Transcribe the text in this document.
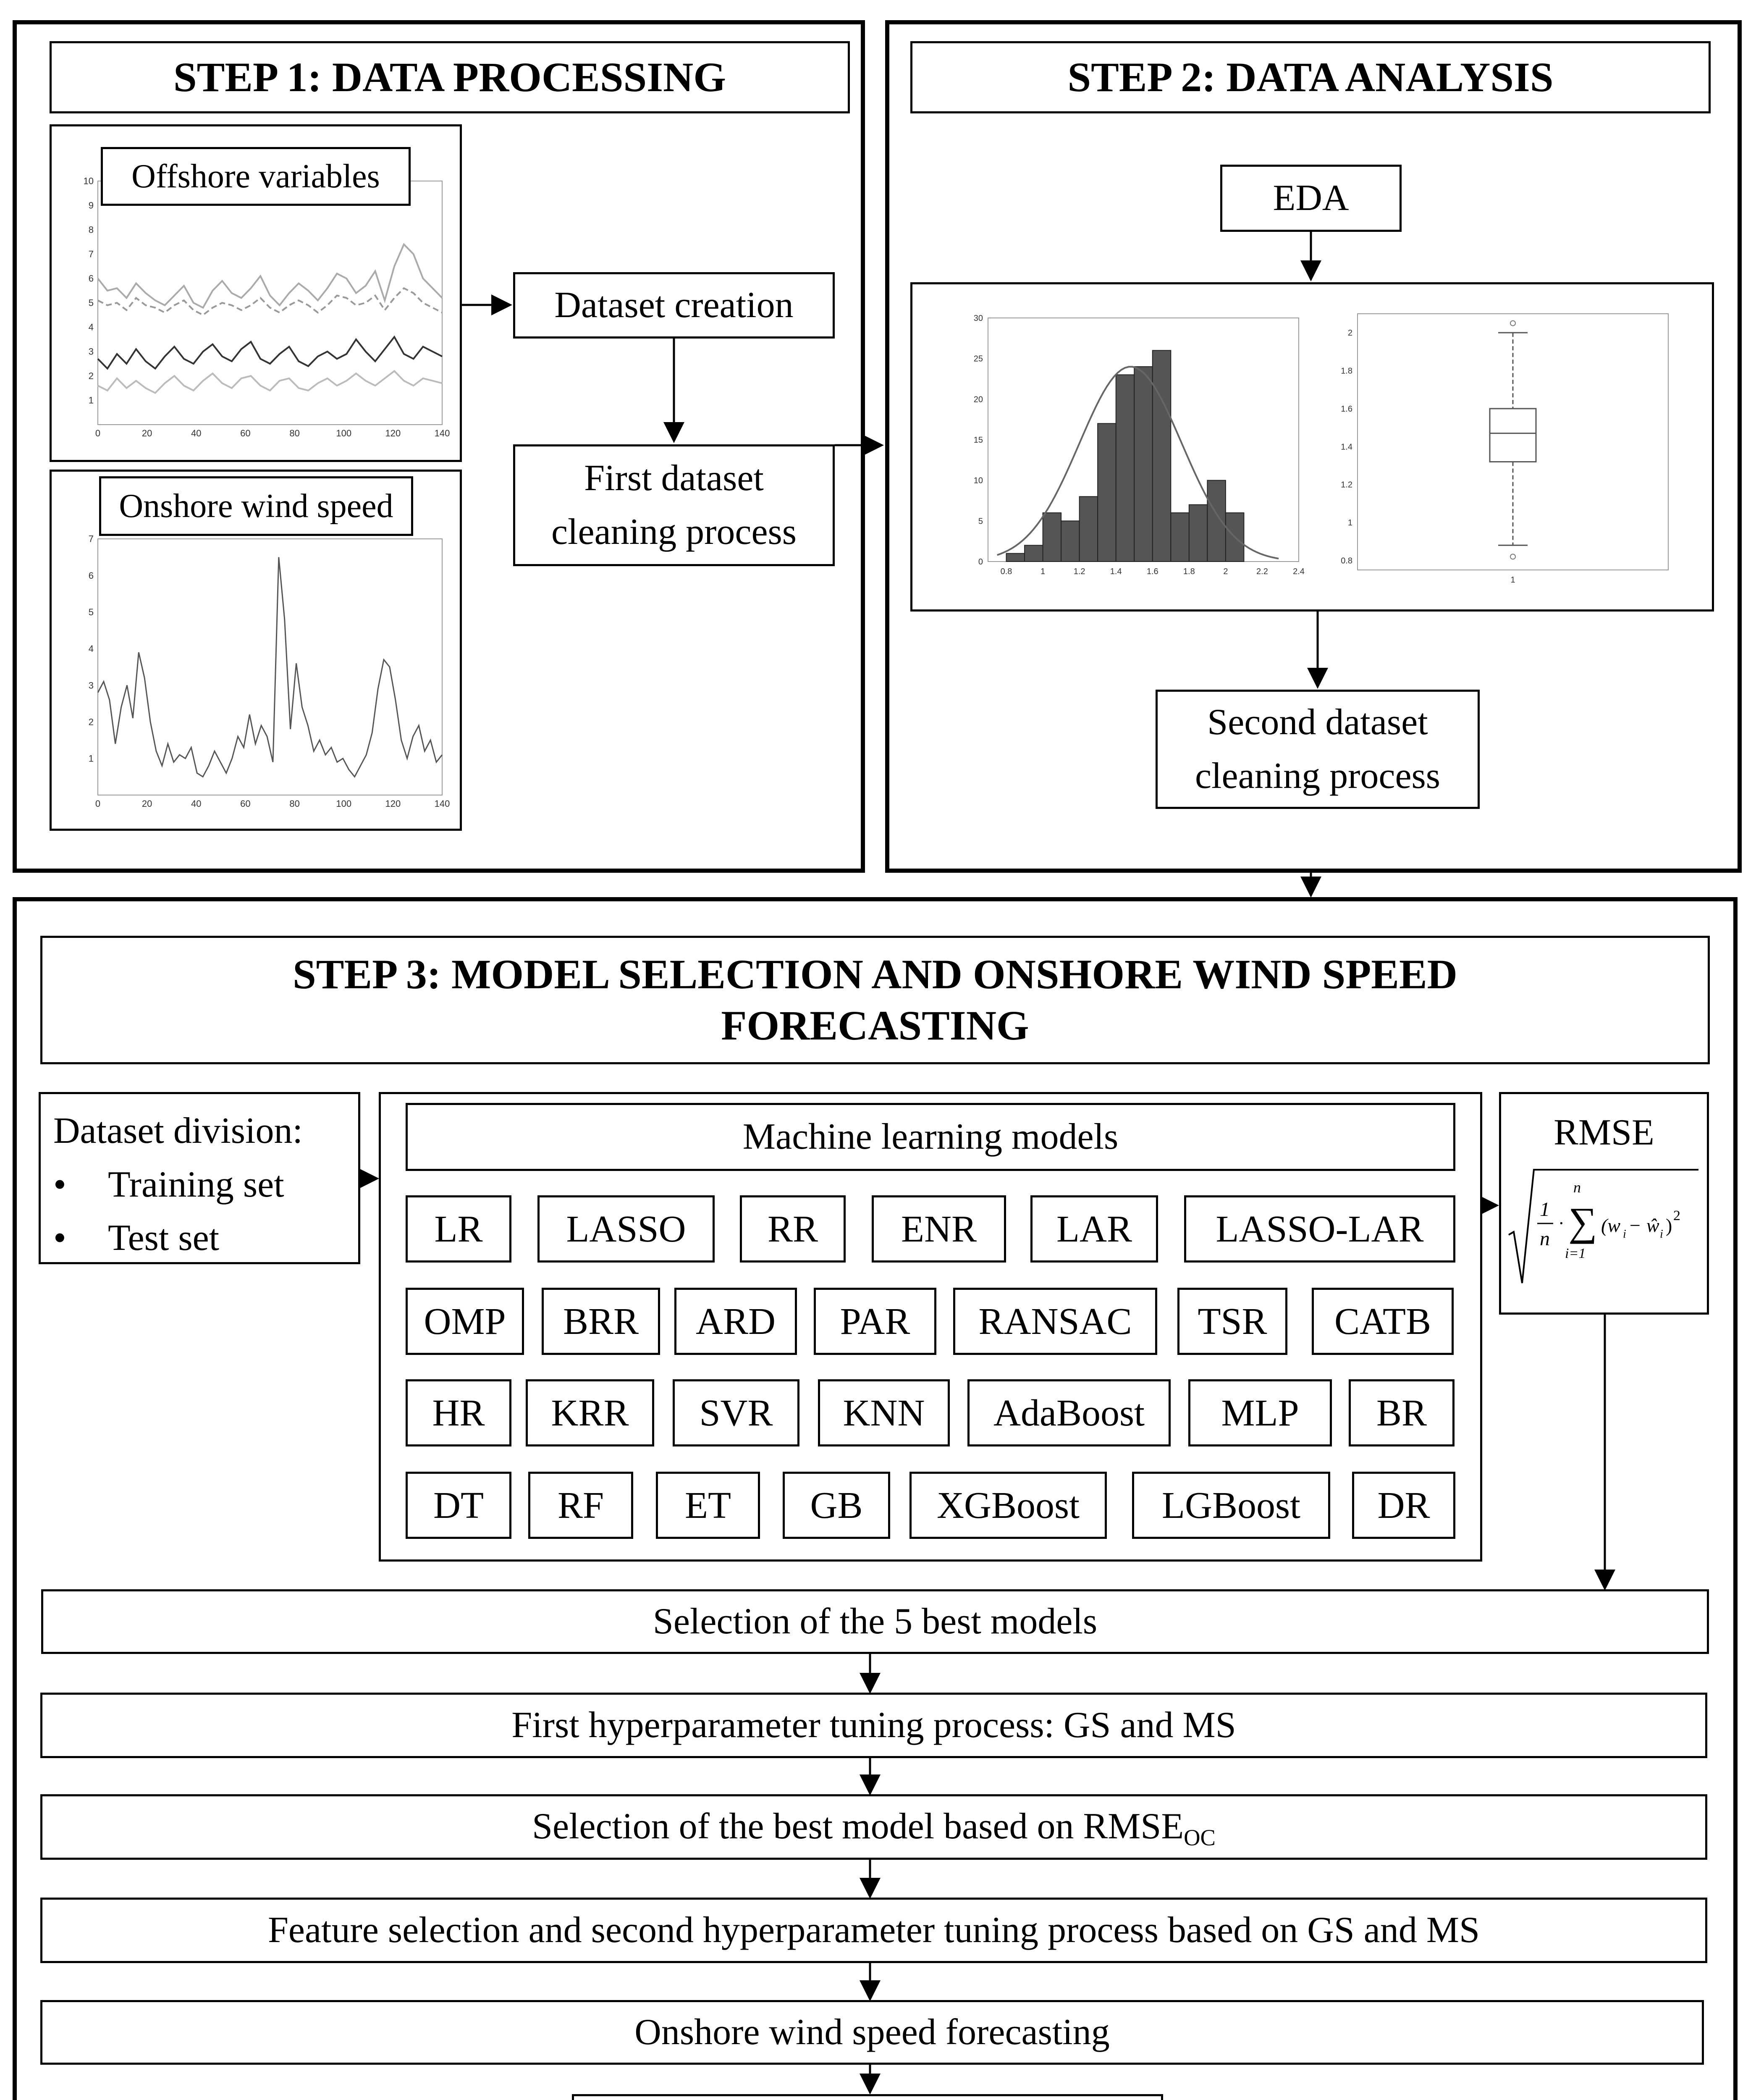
STEP 1: DATA PROCESSING
0	20	40	60	80	100	120	140
1
2
3
4
5
6
7
8
9
10 Offshore variables
0	20	40	60	80	100	120	140
1
2
3
4
5
6
7
Onshore wind speed
Dataset creation
First dataset cleaning process
STEP 2: DATA ANALYSIS
EDA
0.8	1	1.2	1.4	1.6	1.8	2	2.2	2.4
0
5
10
15
20
25
30
0.8
1
1.2
1.4
1.6
1.8
2
1
Second dataset cleaning process
STEP 3: MODEL SELECTION AND ONSHORE WIND SPEED FORECASTING
Dataset division:
•	Training set
•	Test set
Machine learning models
LR	LASSO	RR	ENR	LAR	LASSO-LAR
OMP	BRR	ARD	PAR	RANSAC	TSR	CATB
HR	KRR	SVR	KNN	AdaBoost	MLP	BR
DT	RF	ET	GB	XGBoost	LGBoost	DR
RMSE
1
n
·
n
∑
i=1
(w i − ŵ i ) 2
Selection of the 5 best models
First hyperparameter tuning process: GS and MS
Selection of the best model based on $RMSE_{OC}$
Feature selection and second hyperparameter tuning process based on GS and MS
Onshore wind speed forecasting
